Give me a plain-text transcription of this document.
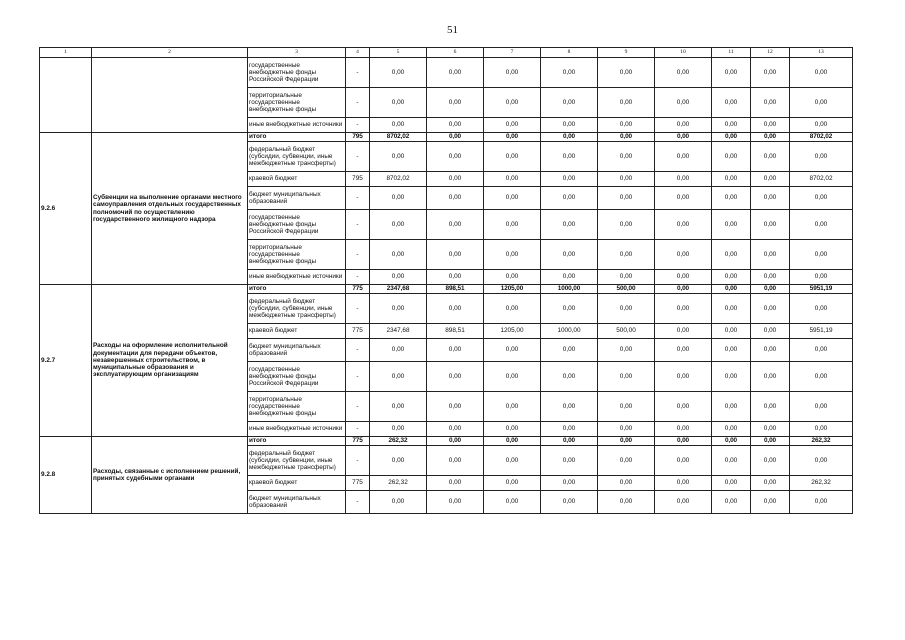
51
1	2	3	4	5	6	7	8	9	10	11	12	13
		государственные внебюджетные фонды Российской Федерации	-	0,00	0,00	0,00	0,00	0,00	0,00	0,00	0,00	0,00
		территориальные государственные внебюджетные фонды	-	0,00	0,00	0,00	0,00	0,00	0,00	0,00	0,00	0,00
		иные внебюджетные источники	-	0,00	0,00	0,00	0,00	0,00	0,00	0,00	0,00	0,00
9.2.6	Субвенции на выполнение органами местного самоуправления отдельных государственных полномочий по осуществлению государственного жилищного надзора	итого	795	8702,02	0,00	0,00	0,00	0,00	0,00	0,00	0,00	8702,02
		федеральный бюджет (субсидии, субвенции, иные межбюджетные трансферты)	-	0,00	0,00	0,00	0,00	0,00	0,00	0,00	0,00	0,00
		краевой бюджет	795	8702,02	0,00	0,00	0,00	0,00	0,00	0,00	0,00	8702,02
		бюджет муниципальных образований	-	0,00	0,00	0,00	0,00	0,00	0,00	0,00	0,00	0,00
		государственные внебюджетные фонды Российской Федерации	-	0,00	0,00	0,00	0,00	0,00	0,00	0,00	0,00	0,00
		территориальные государственные внебюджетные фонды	-	0,00	0,00	0,00	0,00	0,00	0,00	0,00	0,00	0,00
		иные внебюджетные источники	-	0,00	0,00	0,00	0,00	0,00	0,00	0,00	0,00	0,00
9.2.7	Расходы на оформление исполнительной документации для передачи объектов, незавершенных строительством, в муниципальные образования и эксплуатирующим организациям	итого	775	2347,68	898,51	1205,00	1000,00	500,00	0,00	0,00	0,00	5951,19
		федеральный бюджет (субсидии, субвенции, иные межбюджетные трансферты)	-	0,00	0,00	0,00	0,00	0,00	0,00	0,00	0,00	0,00
		краевой бюджет	775	2347,68	898,51	1205,00	1000,00	500,00	0,00	0,00	0,00	5951,19
		бюджет муниципальных образований	-	0,00	0,00	0,00	0,00	0,00	0,00	0,00	0,00	0,00
		государственные внебюджетные фонды Российской Федерации	-	0,00	0,00	0,00	0,00	0,00	0,00	0,00	0,00	0,00
		территориальные государственные внебюджетные фонды	-	0,00	0,00	0,00	0,00	0,00	0,00	0,00	0,00	0,00
		иные внебюджетные источники	-	0,00	0,00	0,00	0,00	0,00	0,00	0,00	0,00	0,00
9.2.8	Расходы, связанные с исполнением решений, принятых судебными органами	итого	775	262,32	0,00	0,00	0,00	0,00	0,00	0,00	0,00	262,32
		федеральный бюджет (субсидии, субвенции, иные межбюджетные трансферты)	-	0,00	0,00	0,00	0,00	0,00	0,00	0,00	0,00	0,00
		краевой бюджет	775	262,32	0,00	0,00	0,00	0,00	0,00	0,00	0,00	262,32
		бюджет муниципальных образований	-	0,00	0,00	0,00	0,00	0,00	0,00	0,00	0,00	0,00
